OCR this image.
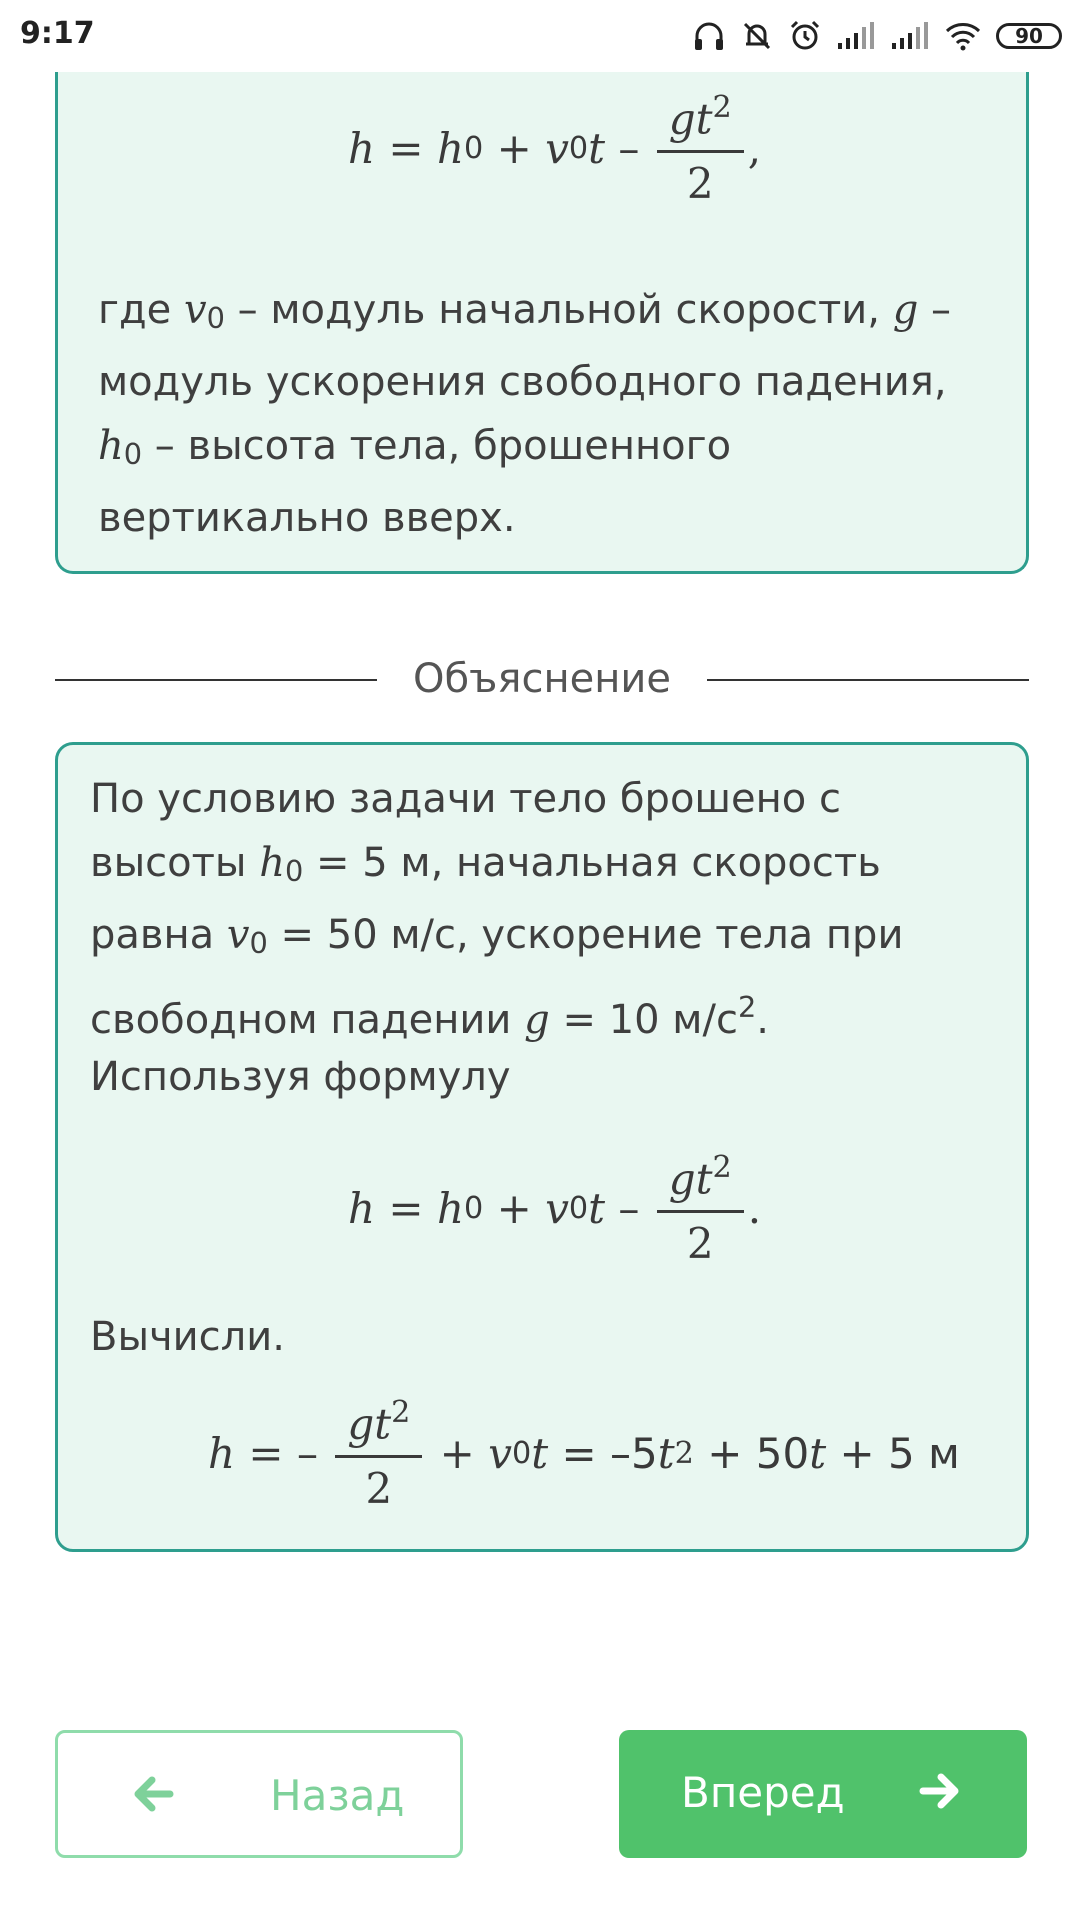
9:17	90
h = h 0 + v 0 t – $\frac{gt^2}{2}$ ,
где v0 – модуль начальной скорости, g –
модуль ускорения свободного падения,
h0 – высота тела, брошенного
вертикально вверх.
Объяснение
По условию задачи тело брошено с
высоты h0 = 5 м, начальная скорость
равна v0 = 50 м/с, ускорение тела при
свободном падении g = 10 $м/с^2$.
Используя формулу
h = h 0 + v 0 t – $\frac{gt^2}{2}$ .
Вычисли.
h = – $\frac{gt^2}{2} + v$ 0 t = –5 t 2 + 50 t + 5 м
Назад	Вперед
